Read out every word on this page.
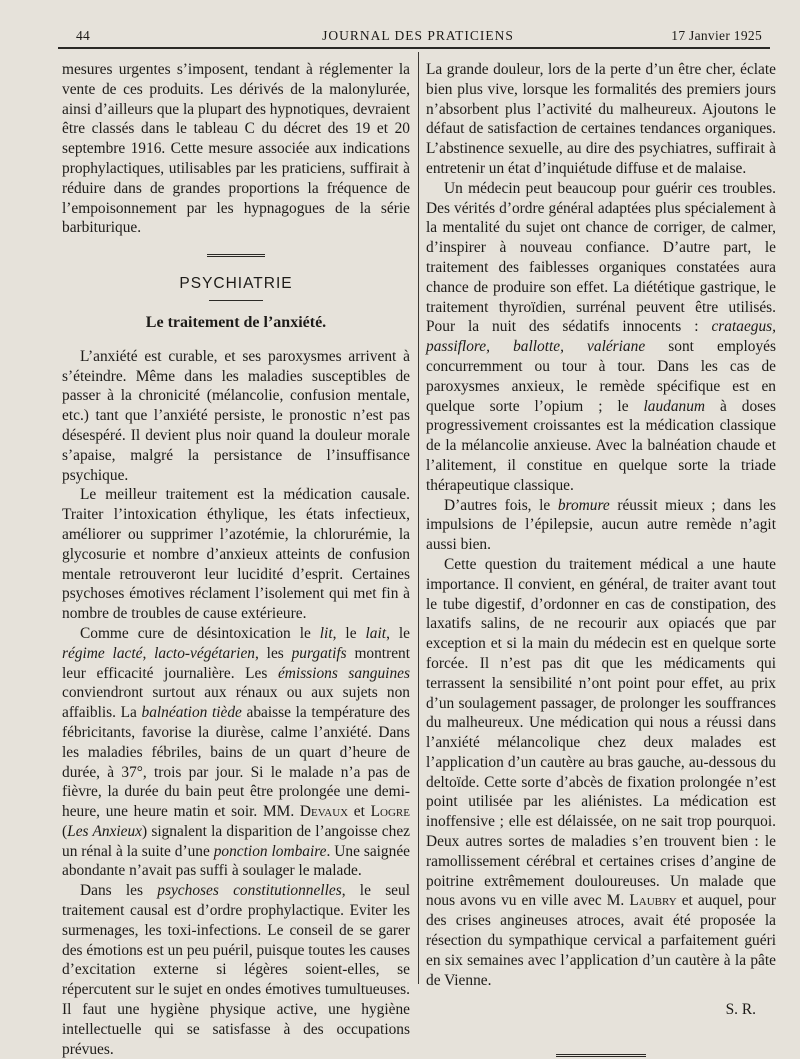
44	JOURNAL DES PRATICIENS	17 Janvier 1925

mesures urgentes s’imposent, tendant à réglementer la vente de ces produits. Les dérivés de la malonylurée, ainsi d’ailleurs que la plupart des hypnotiques, devraient être classés dans le tableau C du décret des 19 et 20 septembre 1916. Cette mesure associée aux indications prophylactiques, utilisables par les praticiens, suffirait à réduire dans de grandes proportions la fréquence de l’empoisonnement par les hypnagogues de la série barbiturique.

PSYCHIATRIE
Le traitement de l’anxiété.

L’anxiété est curable, et ses paroxysmes arrivent à s’éteindre. Même dans les maladies susceptibles de passer à la chronicité (mélancolie, confusion mentale, etc.) tant que l’anxiété persiste, le pronostic n’est pas désespéré. Il devient plus noir quand la douleur morale s’apaise, malgré la persistance de l’insuffisance psychique.

Le meilleur traitement est la médication causale. Traiter l’intoxication éthylique, les états infectieux, améliorer ou supprimer l’azotémie, la chlorurémie, la glycosurie et nombre d’anxieux atteints de confusion mentale retrouveront leur lucidité d’esprit. Certaines psychoses émotives réclament l’isolement qui met fin à nombre de troubles de cause extérieure.

Comme cure de désintoxication le lit, le lait, le régime lacté, lacto-végétarien, les purgatifs montrent leur efficacité journalière. Les émissions sanguines conviendront surtout aux rénaux ou aux sujets non affaiblis. La balnéation tiède abaisse la température des fébricitants, favorise la diurèse, calme l’anxiété. Dans les maladies fébriles, bains de un quart d’heure de durée, à 37°, trois par jour. Si le malade n’a pas de fièvre, la durée du bain peut être prolongée une demi-heure, une heure matin et soir. MM. Devaux et Logre (Les Anxieux) signalent la disparition de l’angoisse chez un rénal à la suite d’une ponction lombaire. Une saignée abondante n’avait pas suffi à soulager le malade.

Dans les psychoses constitutionnelles, le seul traitement causal est d’ordre prophylactique. Eviter les surmenages, les toxi-infections. Le conseil de se garer des émotions est un peu puéril, puisque toutes les causes d’excitation externe si légères soient-elles, se répercutent sur le sujet en ondes émotives tumultueuses. Il faut une hygiène physique active, une hygiène intellectuelle qui se satisfasse à des occupations prévues.

La grande douleur, lors de la perte d’un être cher, éclate bien plus vive, lorsque les formalités des premiers jours n’absorbent plus l’activité du malheureux. Ajoutons le défaut de satisfaction de certaines tendances organiques. L’abstinence sexuelle, au dire des psychiatres, suffirait à entretenir un état d’inquiétude diffuse et de malaise.

Un médecin peut beaucoup pour guérir ces troubles. Des vérités d’ordre général adaptées plus spécialement à la mentalité du sujet ont chance de corriger, de calmer, d’inspirer à nouveau confiance. D’autre part, le traitement des faiblesses organiques constatées aura chance de produire son effet. La diététique gastrique, le traitement thyroïdien, surrénal peuvent être utilisés. Pour la nuit des sédatifs innocents : crataegus, passiflore, ballotte, valériane sont employés concurremment ou tour à tour. Dans les cas de paroxysmes anxieux, le remède spécifique est en quelque sorte l’opium ; le laudanum à doses progressivement croissantes est la médication classique de la mélancolie anxieuse. Avec la balnéation chaude et l’alitement, il constitue en quelque sorte la triade thérapeutique classique.

D’autres fois, le bromure réussit mieux ; dans les impulsions de l’épilepsie, aucun autre remède n’agit aussi bien.

Cette question du traitement médical a une haute importance. Il convient, en général, de traiter avant tout le tube digestif, d’ordonner en cas de constipation, des laxatifs salins, de ne recourir aux opiacés que par exception et si la main du médecin est en quelque sorte forcée. Il n’est pas dit que les médicaments qui terrassent la sensibilité n’ont point pour effet, au prix d’un soulagement passager, de prolonger les souffrances du malheureux. Une médication qui nous a réussi dans l’anxiété mélancolique chez deux malades est l’application d’un cautère au bras gauche, au-dessous du deltoïde. Cette sorte d’abcès de fixation prolongée n’est point utilisée par les aliénistes. La médication est inoffensive ; elle est délaissée, on ne sait trop pourquoi. Deux autres sortes de maladies s’en trouvent bien : le ramollissement cérébral et certaines crises d’angine de poitrine extrêmement douloureuses. Un malade que nous avons vu en ville avec M. Laubry et auquel, pour des crises angineuses atroces, avait été proposée la résection du sympathique cervical a parfaitement guéri en six semaines avec l’application d’un cautère à la pâte de Vienne.

S. R.
